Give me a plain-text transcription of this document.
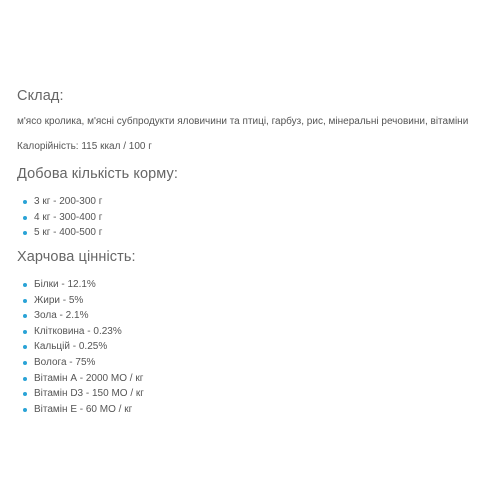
Склад:

м'ясо кролика, м'ясні субпродукти яловичини та птиці, гарбуз, рис, мінеральні речовини, вітаміни

Калорійність: 115 ккал / 100 г

Добова кількість корму:
3 кг - 200-300 г
4 кг - 300-400 г
5 кг - 400-500 г
Харчова цінність:
Білки - 12.1%
Жири - 5%
Зола - 2.1%
Клітковина - 0.23%
Кальцій - 0.25%
Волога - 75%
Вітамін А - 2000 МО / кг
Вітамін D3 - 150 МО / кг
Вітамін Е - 60 МО / кг
